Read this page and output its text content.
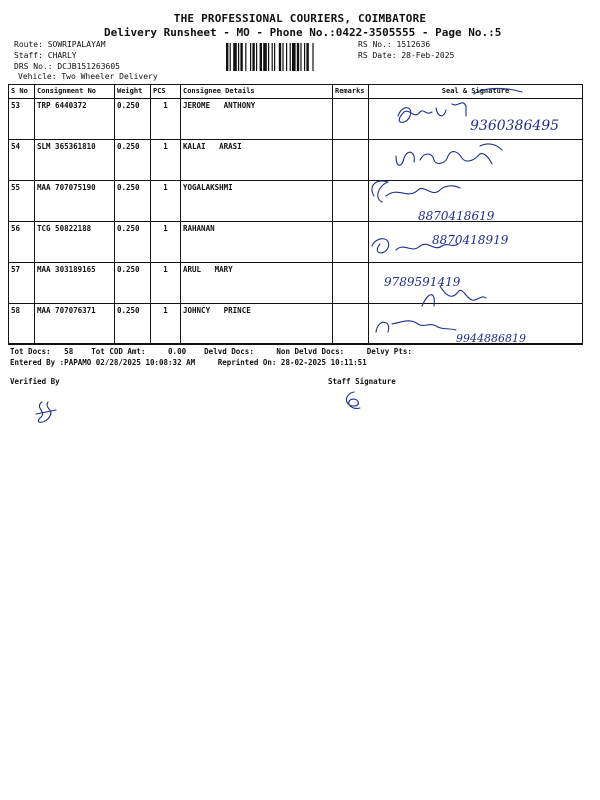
THE PROFESSIONAL COURIERS, COIMBATORE
Delivery Runsheet - MO - Phone No.:0422-3505555 - Page No.:5
Route: SOWRIPALAYAM
Staff: CHARLY
DRS No.: DCJB151263605
Vehicle: Two Wheeler Delivery
RS No.: 1512636
RS Date: 28-Feb-2025
S No	Consignment No	Weight	PCS	Consignee Details	Remarks	Seal & Signature
53	TRP 6440372	0.250	1	JEROME   ANTHONY		
54	SLM 365361810	0.250	1	KALAI   ARASI		
55	MAA 707075190	0.250	1	YOGALAKSHMI		
56	TCG 50822188	0.250	1	RAHANAN		
57	MAA 303189165	0.250	1	ARUL   MARY		
58	MAA 707076371	0.250	1	JOHNCY   PRINCE		
Tot Docs:   58    Tot COD Amt:     0.00    Delvd Docs:     Non Delvd Docs:     Delvy Pts:
Entered By :PAPAMO 02/28/2025 10:08:32 AM     Reprinted On: 28-02-2025 10:11:51
Verified By	Staff Signature
9360386495
8870418619
8870418919
9789591419
9944886819
